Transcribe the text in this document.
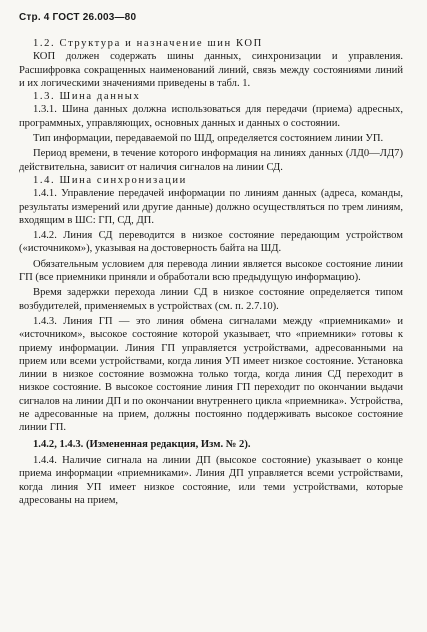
Стр. 4 ГОСТ 26.003—80

1.2. Структура и назначение шин КОП

КОП должен содержать шины данных, синхронизации и управления. Расшифровка сокращенных наименований линий, связь между состояниями линий и их логическими значениями приведены в табл. 1.

1.3. Шина данных

1.3.1. Шина данных должна использоваться для передачи (приема) адресных, программных, управляющих, основных данных и данных о состоянии.

Тип информации, передаваемой по ШД, определяется состоянием линии УП.

Период времени, в течение которого информация на линиях данных (ЛД0—ЛД7) действительна, зависит от наличия сигналов на линии СД.

1.4. Шина синхронизации

1.4.1. Управление передачей информации по линиям данных (адреса, команды, результаты измерений или другие данные) должно осуществляться по трем линиям, входящим в ШС: ГП, СД, ДП.

1.4.2. Линия СД переводится в низкое состояние передающим устройством («источником»), указывая на достоверность байта на ШД.

Обязательным условием для перевода линии является высокое состояние линии ГП (все приемники приняли и обработали всю предыдущую информацию).

Время задержки перехода линии СД в низкое состояние определяется типом возбудителей, применяемых в устройствах (см. п. 2.7.10).

1.4.3. Линия ГП — это линия обмена сигналами между «приемниками» и «источником», высокое состояние которой указывает, что «приемники» готовы к приему информации. Линия ГП управляется устройствами, адресованными на прием или всеми устройствами, когда линия УП имеет низкое состояние. Установка линии в низкое состояние возможна только тогда, когда линия СД переходит в низкое состояние. В высокое состояние линия ГП переходит по окончании выдачи сигналов на линии ДП и по окончании внутреннего цикла «приемника». Устройства, не адресованные на прием, должны постоянно поддерживать высокое состояние линии ГП.

1.4.2, 1.4.3. (Измененная редакция, Изм. № 2).

1.4.4. Наличие сигнала на линии ДП (высокое состояние) указывает о конце приема информации «приемниками». Линия ДП управляется всеми устройствами, когда линия УП имеет низкое состояние, или теми устройствами, которые адресованы на прием,
